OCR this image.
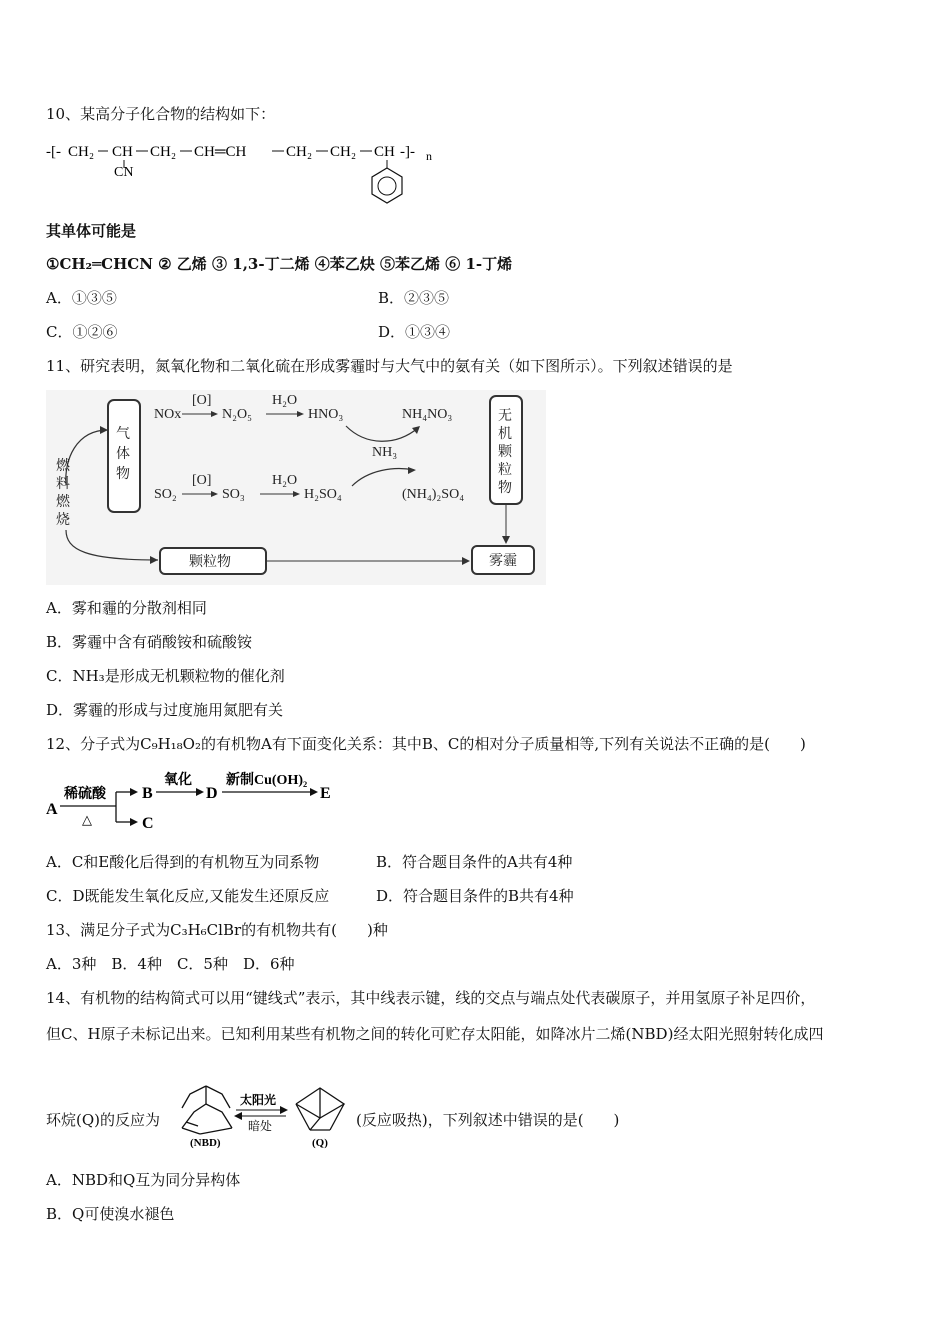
10、某高分子化合物的结构如下：
-[- CH₂ CH
CN
CH₂ CH═CH	CH₂ CH₂ CH -]- n
其单体可能是
①CH₂═CHCN ② 乙烯 ③ 1,3-丁二烯 ④苯乙炔 ⑤苯乙烯 ⑥ 1-丁烯
A．①③⑤	B．②③⑤
C．①②⑥	D．①③④
11、研究表明，氮氧化物和二氧化硫在形成雾霾时与大气中的氨有关（如下图所示）。下列叙述错误的是
气
体
物
燃
料
燃
烧
NOx
[O]
N₂O₅
H₂O
HNO₃	NH₄NO₃
NH₃
SO₂
[O]
SO₃
H₂O
H₂SO₄	(NH₄)₂SO₄
无
机
颗
粒
物
颗粒物	雾霾
A．雾和霾的分散剂相同
B．雾霾中含有硝酸铵和硫酸铵
C．NH₃是形成无机颗粒物的催化剂
D．雾霾的形成与过度施用氮肥有关
12、分子式为C₉H₁₈O₂的有机物A有下面变化关系：其中B、C的相对分子质量相等,下列有关说法不正确的是(　　)
A
稀硫酸
△
B
氧化
D
新制Cu(OH)₂
E
C
A．C和E酸化后得到的有机物互为同系物	B．符合题目条件的A共有4种
C．D既能发生氧化反应,又能发生还原反应	D．符合题目条件的B共有4种
13、满足分子式为C₃H₆ClBr的有机物共有(　　)种
A．3种　B．4种　C．5种　D．6种
14、有机物的结构简式可以用“键线式”表示，其中线表示键，线的交点与端点处代表碳原子，并用氢原子补足四价，
但C、H原子未标记出来。已知利用某些有机物之间的转化可贮存太阳能，如降冰片二烯(NBD)经太阳光照射转化成四
环烷(Q)的反应为
(NBD)
太阳光
暗处
(Q)
(反应吸热)，下列叙述中错误的是(　　)
A．NBD和Q互为同分异构体
B．Q可使溴水褪色
